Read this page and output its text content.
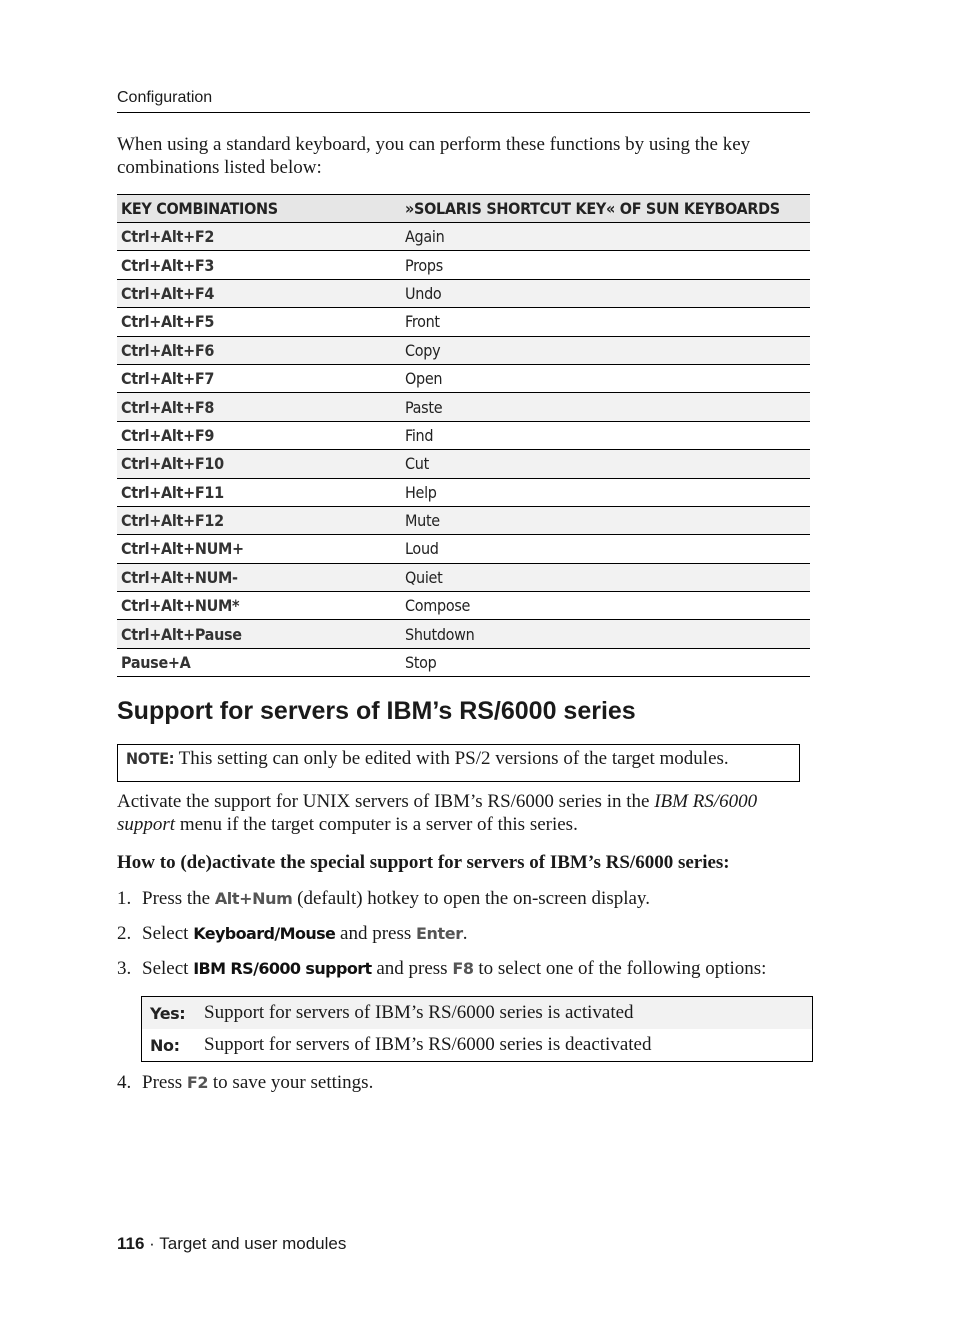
Configuration

When using a standard keyboard, you can perform these functions by using the key combinations listed below:

KEY COMBINATIONS	»SOLARIS SHORTCUT KEY« OF SUN KEYBOARDS
Ctrl+Alt+F2	Again
Ctrl+Alt+F3	Props
Ctrl+Alt+F4	Undo
Ctrl+Alt+F5	Front
Ctrl+Alt+F6	Copy
Ctrl+Alt+F7	Open
Ctrl+Alt+F8	Paste
Ctrl+Alt+F9	Find
Ctrl+Alt+F10	Cut
Ctrl+Alt+F11	Help
Ctrl+Alt+F12	Mute
Ctrl+Alt+NUM+	Loud
Ctrl+Alt+NUM-	Quiet
Ctrl+Alt+NUM*	Compose
Ctrl+Alt+Pause	Shutdown
Pause+A	Stop
Support for servers of IBM’s RS/6000 series
NOTE: This setting can only be edited with PS/2 versions of the target modules.

Activate the support for UNIX servers of IBM’s RS/6000 series in the IBM RS/6000 support menu if the target computer is a server of this series.

How to (de)activate the special support for servers of IBM’s RS/6000 series:

1. Press the Alt+Num (default) hotkey to open the on-screen display.
2. Select Keyboard/Mouse and press Enter.
3. Select IBM RS/6000 support and press F8 to select one of the following options:
Yes: Support for servers of IBM’s RS/6000 series is activated
No:	Support for servers of IBM’s RS/6000 series is deactivated
4. Press F2 to save your settings.
116 · Target and user modules
